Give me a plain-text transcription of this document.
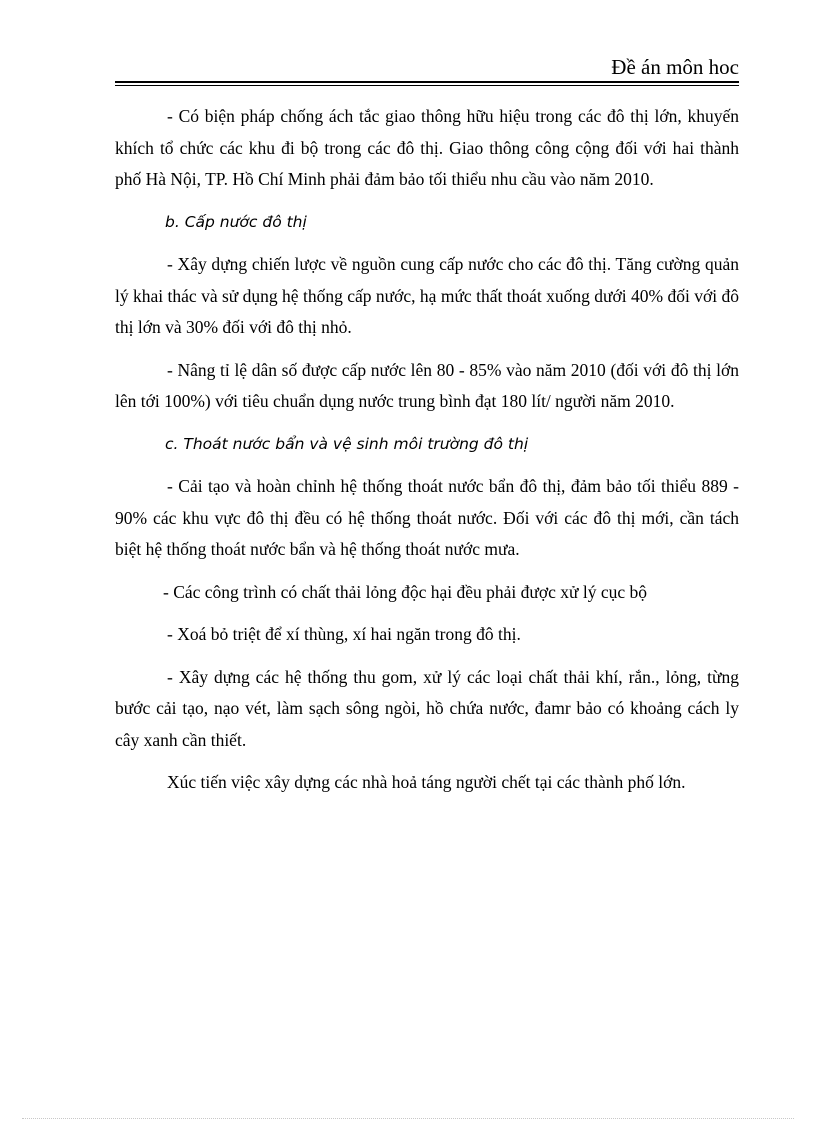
Đề án môn hoc

- Có biện pháp chống ách tắc giao thông hữu hiệu trong các đô thị lớn, khuyến khích tổ chức các khu đi bộ trong các đô thị. Giao thông công cộng đối với hai thành phố Hà Nội, TP. Hồ Chí Minh phải đảm bảo tối thiểu nhu cầu vào năm 2010.

b. Cấp nước đô thị

- Xây dựng chiến lược về nguồn cung cấp nước cho các đô thị. Tăng cường quản lý khai thác và sử dụng hệ thống cấp nước, hạ mức thất thoát xuống dưới 40% đối với đô thị lớn và 30% đối với đô thị nhỏ.

- Nâng tỉ lệ dân số được cấp nước lên 80 - 85% vào năm 2010 (đối với đô thị lớn lên tới 100%) với tiêu chuẩn dụng nước trung bình đạt 180 lít/ người năm 2010.

c. Thoát nước bẩn và vệ sinh môi trường đô thị

- Cải tạo và hoàn chỉnh hệ thống thoát nước bẩn đô thị, đảm bảo tối thiểu 889 - 90% các khu vực đô thị đều có hệ thống thoát nước. Đối với các đô thị mới, cần tách biệt hệ thống thoát nước bẩn và hệ thống thoát nước mưa.

- Các công trình có chất thải lỏng độc hại đều phải được xử lý cục bộ

- Xoá bỏ triệt để xí thùng, xí hai ngăn trong đô thị.

- Xây dựng các hệ thống thu gom, xử lý các loại chất thải khí, rắn., lỏng, từng bước cải tạo, nạo vét, làm sạch sông ngòi, hồ chứa nước, đamr bảo có khoảng cách ly cây xanh cần thiết.

Xúc tiến việc xây dựng các nhà hoả táng người chết tại các thành phố lớn.
